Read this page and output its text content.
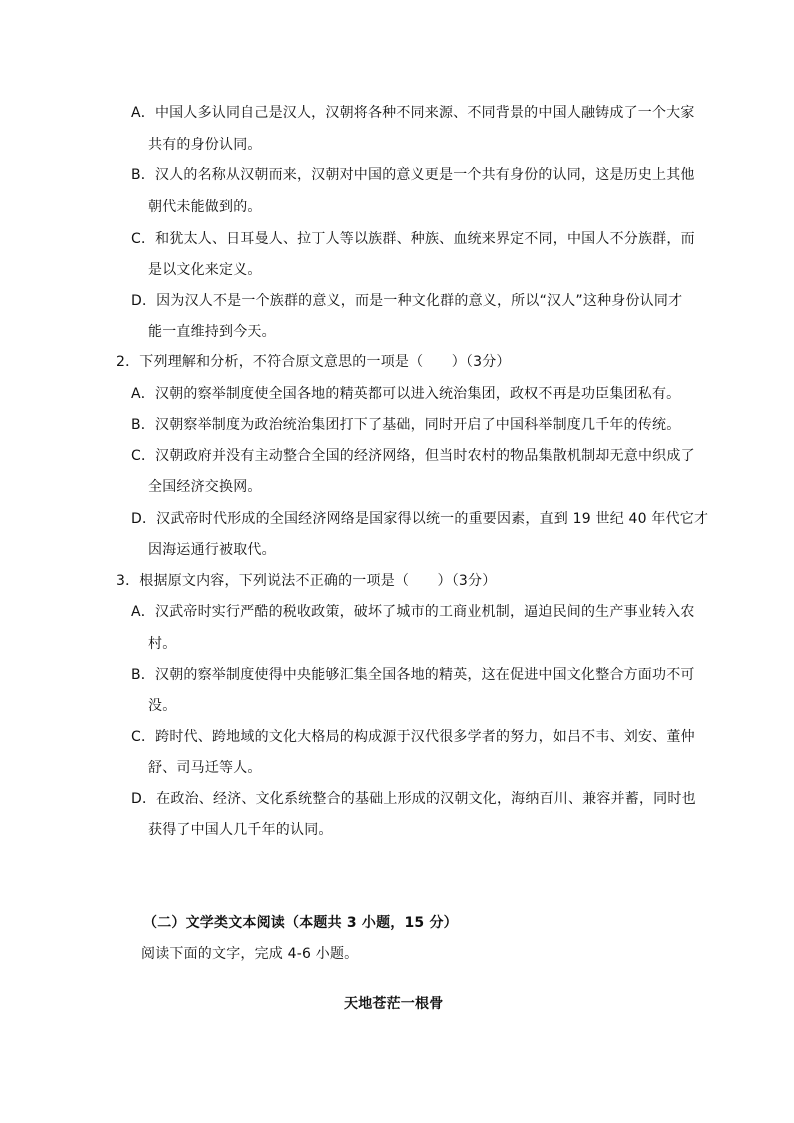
A．中国人多认同自己是汉人，汉朝将各种不同来源、不同背景的中国人融铸成了一个大家
共有的身份认同。
B．汉人的名称从汉朝而来，汉朝对中国的意义更是一个共有身份的认同，这是历史上其他
朝代未能做到的。
C．和犹太人、日耳曼人、拉丁人等以族群、种族、血统来界定不同，中国人不分族群，而
是以文化来定义。
D．因为汉人不是一个族群的意义，而是一种文化群的意义，所以“汉人”这种身份认同才
能一直维持到今天。
2．下列理解和分析，不符合原文意思的一项是（　　）（3分）
A．汉朝的察举制度使全国各地的精英都可以进入统治集团，政权不再是功臣集团私有。
B．汉朝察举制度为政治统治集团打下了基础，同时开启了中国科举制度几千年的传统。
C．汉朝政府并没有主动整合全国的经济网络，但当时农村的物品集散机制却无意中织成了
全国经济交换网。
D．汉武帝时代形成的全国经济网络是国家得以统一的重要因素，直到 19 世纪 40 年代它才
因海运通行被取代。
3．根据原文内容，下列说法不正确的一项是（　　）（3分）
A．汉武帝时实行严酷的税收政策，破坏了城市的工商业机制，逼迫民间的生产事业转入农
村。
B．汉朝的察举制度使得中央能够汇集全国各地的精英，这在促进中国文化整合方面功不可
没。
C．跨时代、跨地域的文化大格局的构成源于汉代很多学者的努力，如吕不韦、刘安、董仲
舒、司马迁等人。
D．在政治、经济、文化系统整合的基础上形成的汉朝文化，海纳百川、兼容并蓄，同时也
获得了中国人几千年的认同。
（二）文学类文本阅读（本题共 3 小题，15 分）
阅读下面的文字，完成 4-6 小题。
天地苍茫一根骨
